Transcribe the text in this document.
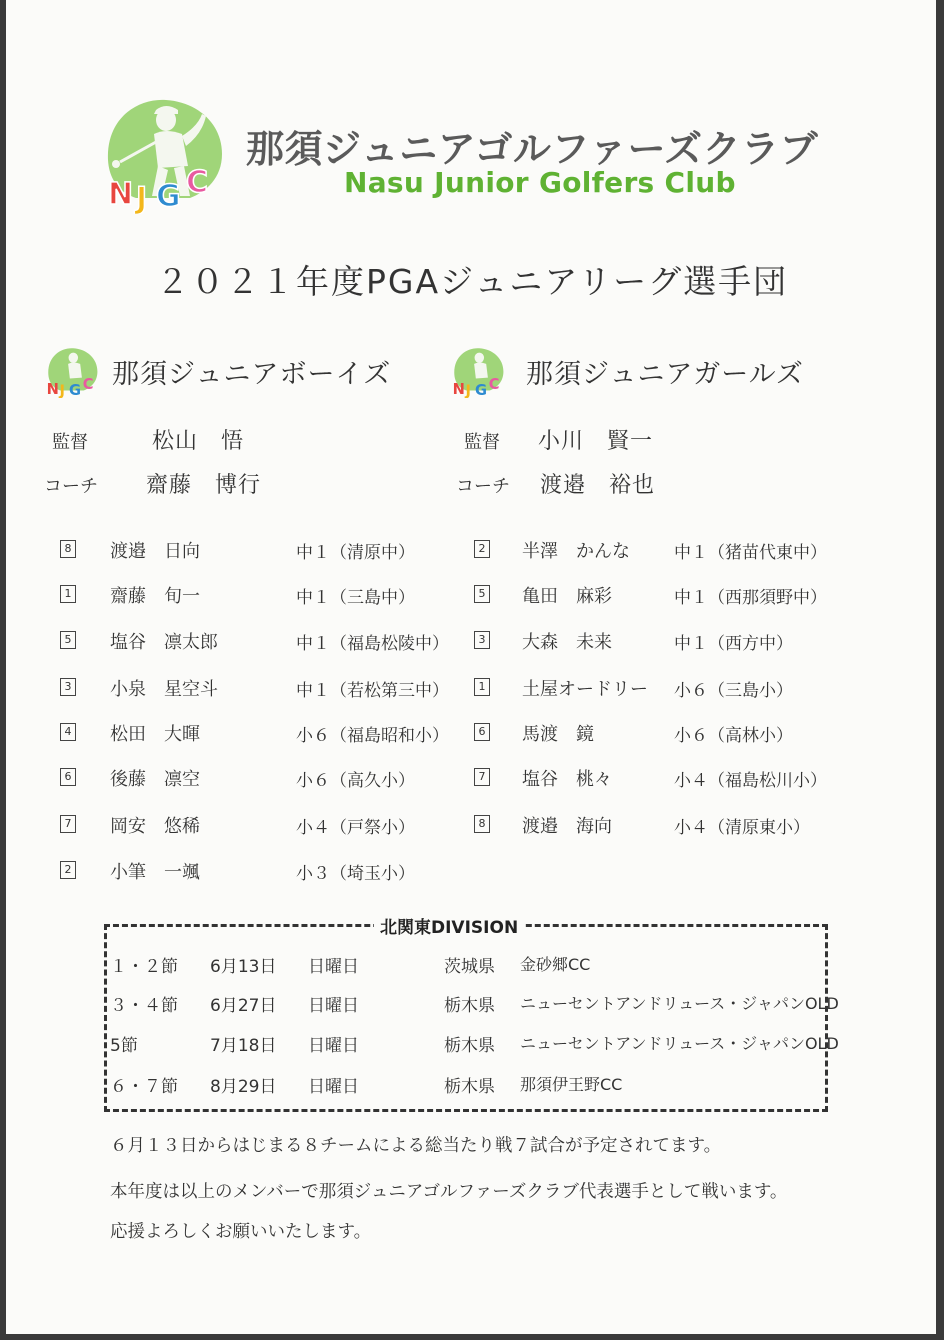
N J G C
那須ジュニアゴルファーズクラブ
Nasu Junior Golfers Club
２０２１年度PGAジュニアリーグ選手団
N J G C 那須ジュニアボーイズ N J G C 那須ジュニアガールズ
監督	松山　悟
コーチ 齋藤　博行
監督 小川　賢一
コーチ 渡邉　裕也
8 渡邉　日向	中１（清原中）
1 齋藤　旬一	中１（三島中）
5 塩谷　凛太郎	中１（福島松陵中）
3 小泉　星空斗	中１（若松第三中）
4 松田　大暉	小６（福島昭和小）
6 後藤　凛空	小６（高久小）
7 岡安　悠稀	小４（戸祭小）
2 小筆　一颯	小３（埼玉小）
2 半澤　かんな	中１（猪苗代東中）
5 亀田　麻彩	中１（西那須野中）
3 大森　未来	中１（西方中）
1 土屋オードリー 小６（三島小）
6 馬渡　鏡	小６（高林小）
7 塩谷　桃々	小４（福島松川小）
8 渡邉　海向	小４（清原東小）
北関東DIVISION
１・２節 6月13日 日曜日	茨城県 金砂郷CC
３・４節 6月27日 日曜日	栃木県 ニューセントアンドリュース・ジャパンOLD
5節	7月18日 日曜日	栃木県 ニューセントアンドリュース・ジャパンOLD
６・７節 8月29日 日曜日	栃木県 那須伊王野CC
６月１３日からはじまる８チームによる総当たり戦７試合が予定されてます。
本年度は以上のメンバーで那須ジュニアゴルファーズクラブ代表選手として戦います。
応援よろしくお願いいたします。
